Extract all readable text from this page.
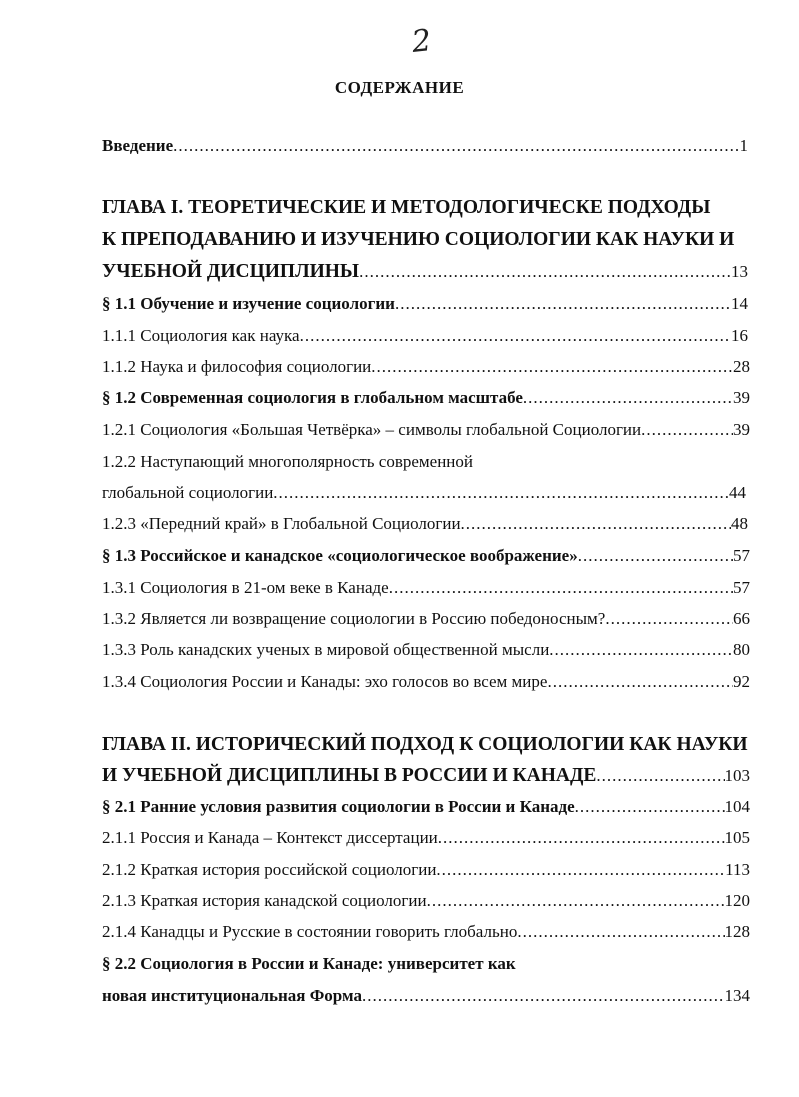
2
СОДЕРЖАНИЕ
Введение .....	1
ГЛАВА I. ТЕОРЕТИЧЕСКИЕ И МЕТОДОЛОГИЧЕСКЕ ПОДХОДЫ
К ПРЕПОДАВАНИЮ И ИЗУЧЕНИЮ СОЦИОЛОГИИ КАК НАУКИ И
УЧЕБНОЙ ДИСЦИПЛИНЫ .....	13
§ 1.1 Обучение и изучение социологии .....	14
1.1.1 Социология как наука .....	16
1.1.2 Наука и философия социологии .....	28
§ 1.2 Современная социология в глобальном масштабе .....	39
1.2.1 Социология «Большая Четвёрка» – символы глобальной Социологии .....	39
1.2.2 Наступающий многополярность современной
глобальной социологии .....	44
1.2.3 «Передний край» в Глобальной Социологии .....	48
§ 1.3 Российское и канадское «социологическое воображение» .....	57
1.3.1 Социология в 21-ом веке в Канаде .....	57
1.3.2 Является ли возвращение социологии в Россию победоносным? .....	66
1.3.3 Роль канадских ученых в мировой общественной мысли .....	80
1.3.4 Социология России и Канады: эхо голосов во всем мире .....	92
ГЛАВА II. ИСТОРИЧЕСКИЙ ПОДХОД К СОЦИОЛОГИИ КАК НАУКИ
И УЧЕБНОЙ ДИСЦИПЛИНЫ В РОССИИ И КАНАДЕ .....	103
§ 2.1 Ранние условия развития социологии в России и Канаде .....	104
2.1.1 Россия и Канада – Контекст диссертации .....	105
2.1.2 Краткая история российской социологии .....	113
2.1.3 Краткая история канадской социологии .....	120
2.1.4 Канадцы и Русские в состоянии говорить глобально .....	128
§ 2.2 Социология в России и Канаде: университет как
новая институциональная Форма .....	134
